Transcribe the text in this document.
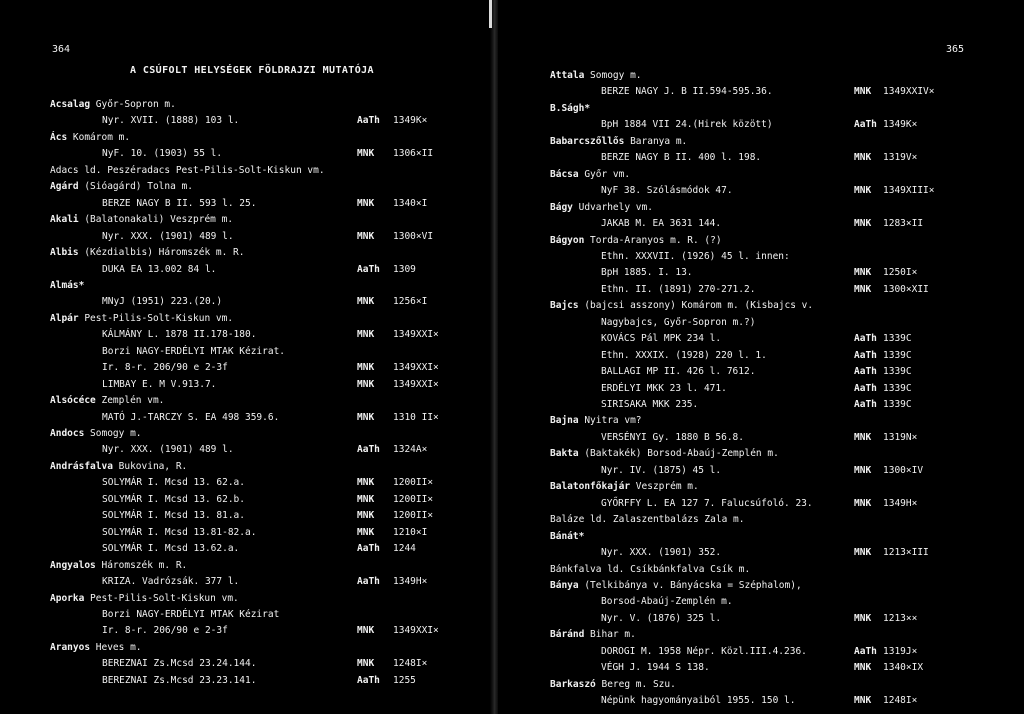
364
A CSÚFOLT HELYSÉGEK FÖLDRAJZI MUTATÓJA
Acsalag Győr-Sopron m.
Nyr. XVII. (1888) 103 l.	AaTh 1349K×
Ács Komárom m.
NyF. 10. (1903) 55 l.	MNK 1306×II
Adacs ld. Peszéradacs Pest-Pilis-Solt-Kiskun vm.
Agárd (Sióagárd) Tolna m.
BERZE NAGY B II. 593 l. 25.	MNK 1340×I
Akali (Balatonakali) Veszprém m.
Nyr. XXX. (1901) 489 l.	MNK 1300×VI
Albis (Kézdialbis) Háromszék m. R.
DUKA EA 13.002 84 l.	AaTh 1309
Almás*
MNyJ (1951) 223.(20.)	MNK 1256×I
Alpár Pest-Pilis-Solt-Kiskun vm.
KÁLMÁNY L. 1878 II.178-180.	MNK 1349XXI×
Borzi NAGY-ERDÉLYI MTAK Kézirat.
Ir. 8-r. 206/90 e 2-3f	MNK 1349XXI×
LIMBAY E. M V.913.7.	MNK 1349XXI×
Alsócéce Zemplén vm.
MATÓ J.-TARCZY S. EA 498 359.6.	MNK 1310 II×
Andocs Somogy m.
Nyr. XXX. (1901) 489 l.	AaTh 1324A×
Andrásfalva Bukovina, R.
SOLYMÁR I. Mcsd 13. 62.a.	MNK 1200II×
SOLYMÁR I. Mcsd 13. 62.b.	MNK 1200II×
SOLYMÁR I. Mcsd 13. 81.a.	MNK 1200II×
SOLYMÁR I. Mcsd 13.81-82.a.	MNK 1210×I
SOLYMÁR I. Mcsd 13.62.a.	AaTh 1244
Angyalos Háromszék m. R.
KRIZA. Vadrózsák. 377 l.	AaTh 1349H×
Aporka Pest-Pilis-Solt-Kiskun vm.
Borzi NAGY-ERDÉLYI MTAK Kézirat
Ir. 8-r. 206/90 e 2-3f	MNK 1349XXI×
Aranyos Heves m.
BEREZNAI Zs.Mcsd 23.24.144.	MNK 1248I×
BEREZNAI Zs.Mcsd 23.23.141.	AaTh 1255
365
Attala Somogy m.
BERZE NAGY J. B II.594-595.36.	MNK 1349XXIV×
B.Ságh*
BpH 1884 VII 24.(Hirek között)	AaTh 1349K×
Babarcszőllős Baranya m.
BERZE NAGY B II. 400 l. 198.	MNK 1319V×
Bácsa Győr vm.
NyF 38. Szólásmódok 47.	MNK 1349XIII×
Bágy Udvarhely vm.
JAKAB M. EA 3631 144.	MNK 1283×II
Bágyon Torda-Aranyos m. R. (?)
Ethn. XXXVII. (1926) 45 l. innen:
BpH 1885. I. 13.	MNK 1250I×
Ethn. II. (1891) 270-271.2.	MNK 1300×XII
Bajcs (bajcsi asszony) Komárom m. (Kisbajcs v.
Nagybajcs, Győr-Sopron m.?)
KOVÁCS Pál MPK 234 l.	AaTh 1339C
Ethn. XXXIX. (1928) 220 l. 1.	AaTh 1339C
BALLAGI MP II. 426 l. 7612.	AaTh 1339C
ERDÉLYI MKK 23 l. 471.	AaTh 1339C
SIRISAKA MKK 235.	AaTh 1339C
Bajna Nyitra vm?
VERSÉNYI Gy. 1880 B 56.8.	MNK 1319N×
Bakta (Baktakék) Borsod-Abaúj-Zemplén m.
Nyr. IV. (1875) 45 l.	MNK 1300×IV
Balatonfőkajár Veszprém m.
GYŐRFFY L. EA 127 7. Falucsúfoló. 23.	MNK 1349H×
Baláze ld. Zalaszentbalázs Zala m.
Bánát*
Nyr. XXX. (1901) 352.	MNK 1213×III
Bánkfalva ld. Csíkbánkfalva Csík m.
Bánya (Telkibánya v. Bányácska = Széphalom),
Borsod-Abaúj-Zemplén m.
Nyr. V. (1876) 325 l.	MNK 1213××
Báránd Bihar m.
DOROGI M. 1958 Népr. Közl.III.4.236.	AaTh 1319J×
VÉGH J. 1944 S 138.	MNK 1340×IX
Barkaszó Bereg m. Szu.
Népünk hagyományaiból 1955. 150 l.	MNK 1248I×
